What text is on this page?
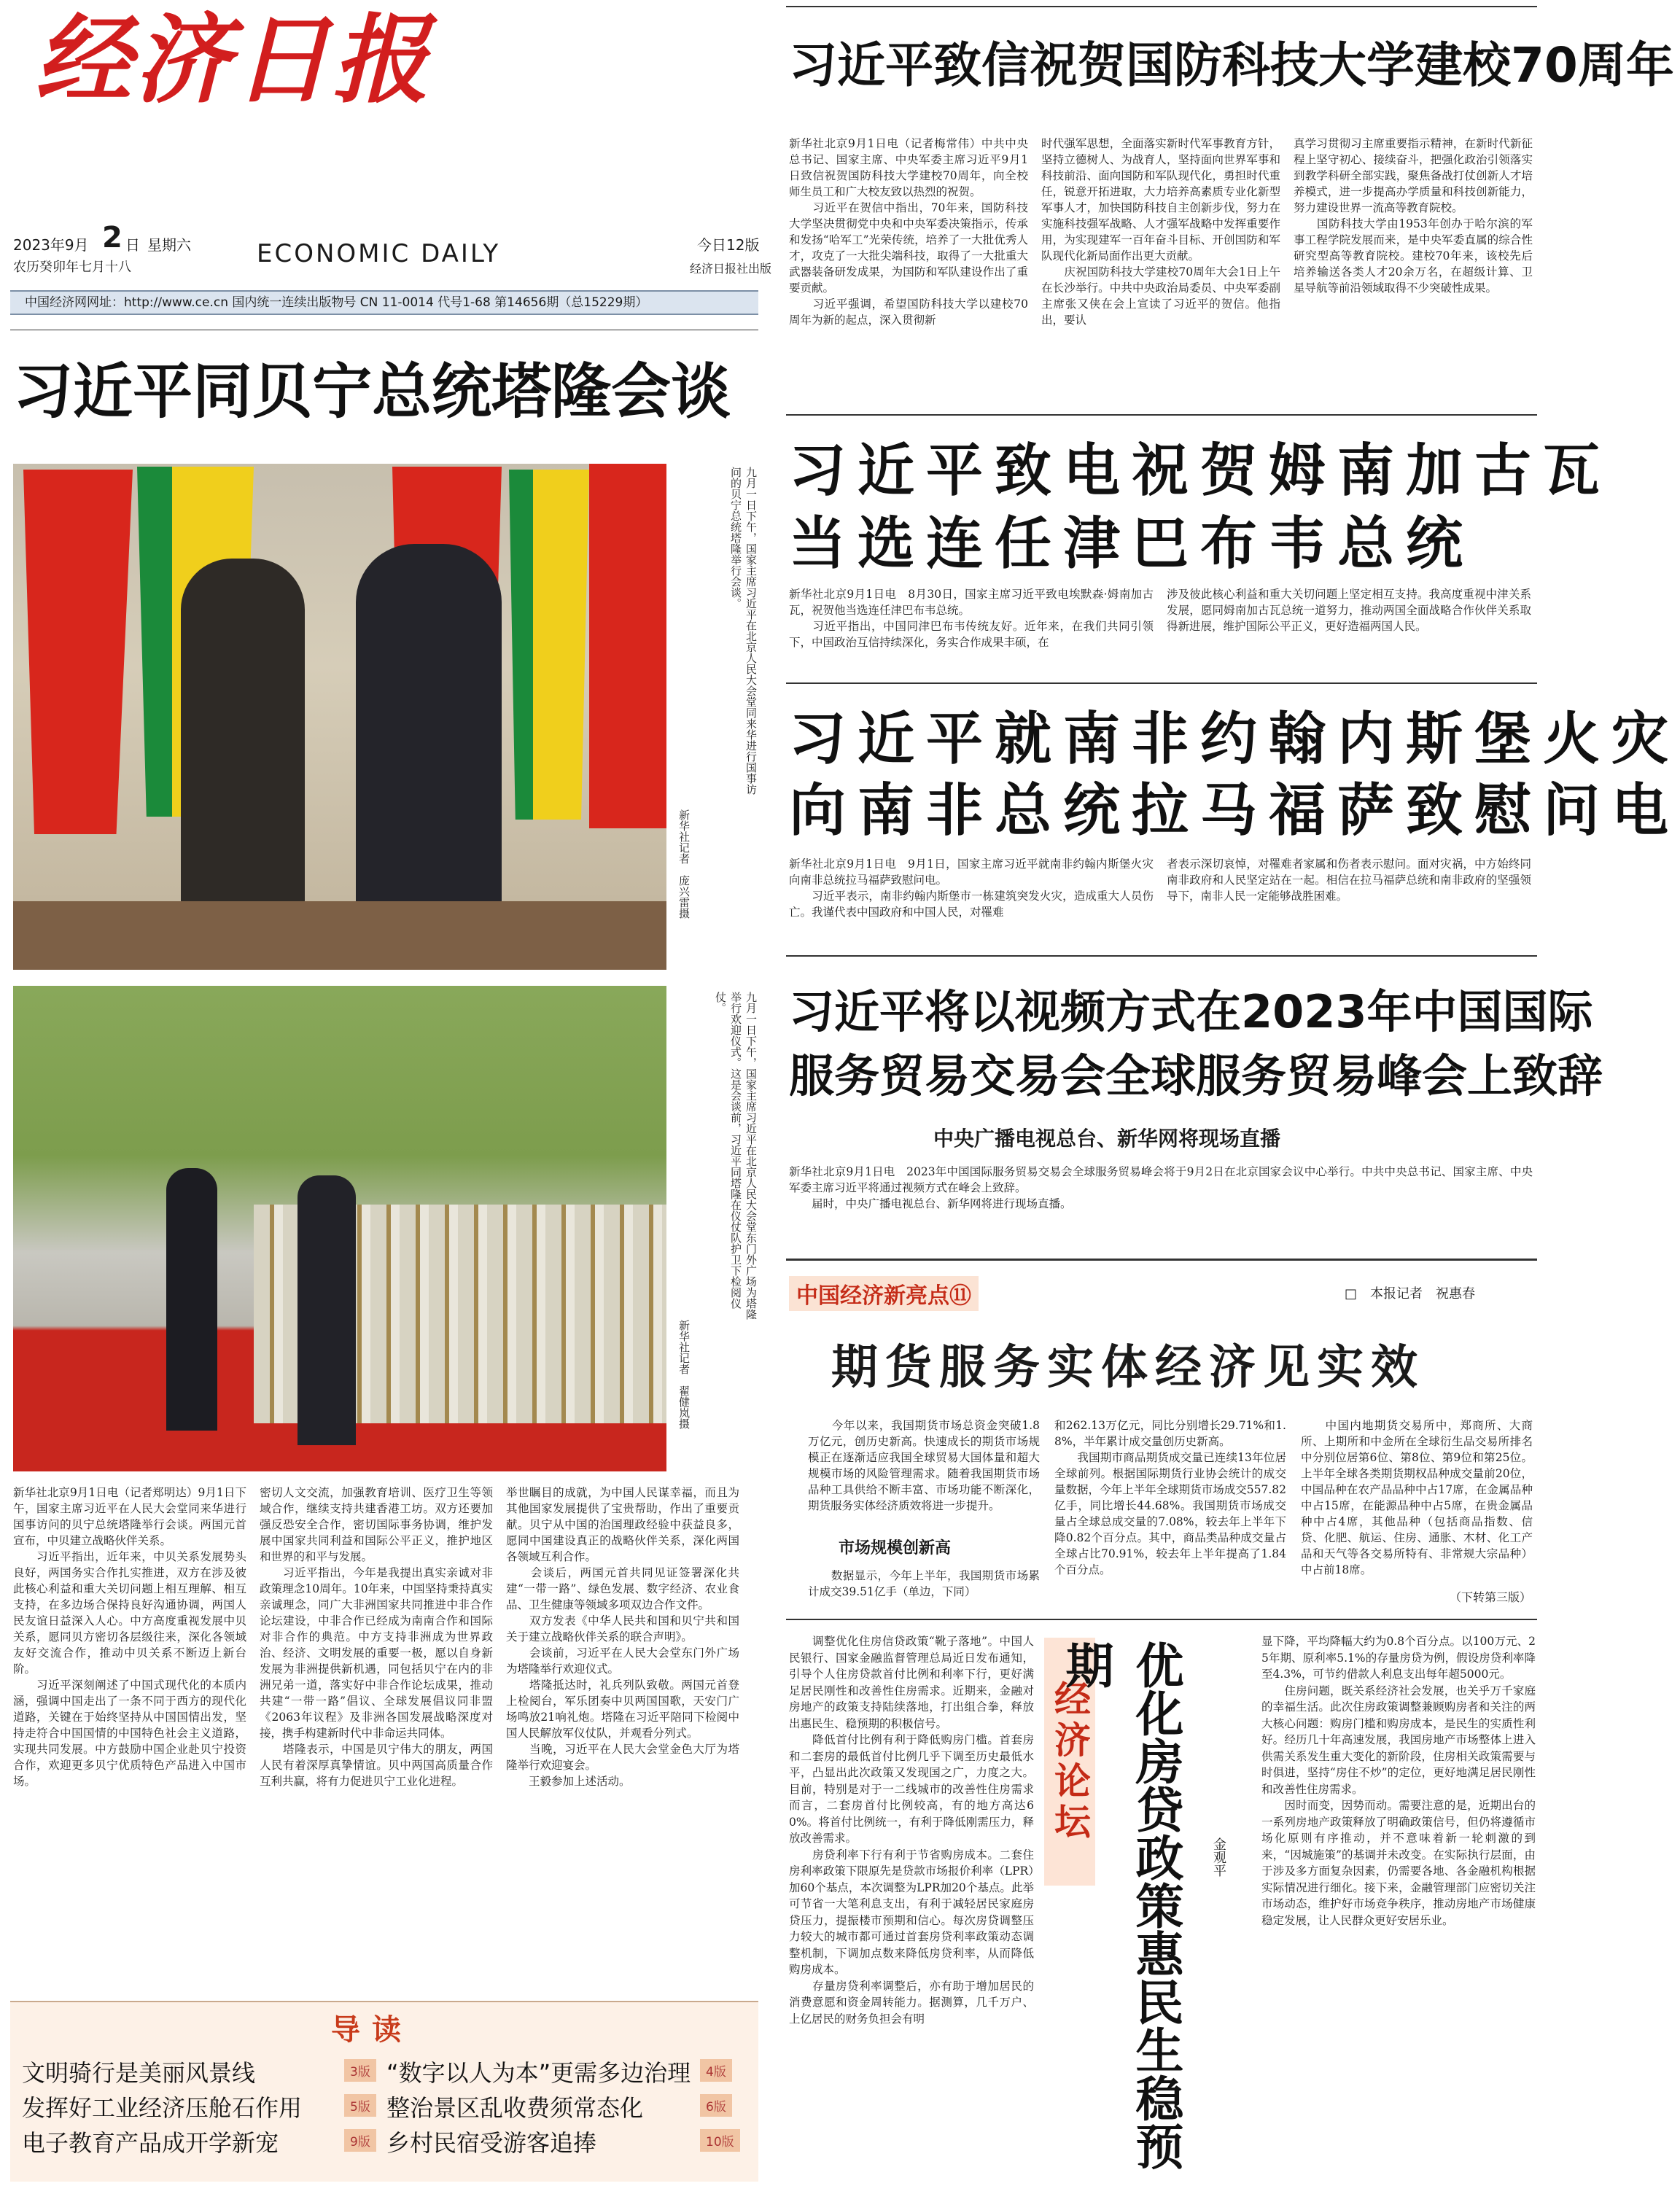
经济日报
2023年9月 2 日 星期六
农历癸卯年七月十八	ECONOMIC DAILY	今日12版
经济日报社出版
中国经济网网址：http://www.ce.cn 国内统一连续出版物号 CN 11-0014 代号1-68 第14656期（总15229期）
习近平致信祝贺国防科技大学建校70周年
新华社北京9月1日电（记者梅常伟）中共中央总书记、国家主席、中央军委主席习近平9月1日致信祝贺国防科技大学建校70周年，向全校师生员工和广大校友致以热烈的祝贺。
　　习近平在贺信中指出，70年来，国防科技大学坚决贯彻党中央和中央军委决策指示，传承和发扬“哈军工”光荣传统，培养了一大批优秀人才，攻克了一大批尖端科技，取得了一大批重大武器装备研发成果，为国防和军队建设作出了重要贡献。
　　习近平强调，希望国防科技大学以建校70周年为新的起点，深入贯彻新
时代强军思想，全面落实新时代军事教育方针，坚持立德树人、为战育人，坚持面向世界军事和科技前沿、面向国防和军队现代化，勇担时代重任，锐意开拓进取，大力培养高素质专业化新型军事人才，加快国防科技自主创新步伐，努力在实施科技强军战略、人才强军战略中发挥重要作用，为实现建军一百年奋斗目标、开创国防和军队现代化新局面作出更大贡献。
　　庆祝国防科技大学建校70周年大会1日上午在长沙举行。中共中央政治局委员、中央军委副主席张又侠在会上宣读了习近平的贺信。他指出，要认
真学习贯彻习主席重要指示精神，在新时代新征程上坚守初心、接续奋斗，把强化政治引领落实到教学科研全部实践，聚焦备战打仗创新人才培养模式，进一步提高办学质量和科技创新能力，努力建设世界一流高等教育院校。
　　国防科技大学由1953年创办于哈尔滨的军事工程学院发展而来，是中央军委直属的综合性研究型高等教育院校。建校70年来，该校先后培养输送各类人才20余万名，在超级计算、卫星导航等前沿领域取得不少突破性成果。
习近平致电祝贺姆南加古瓦
当选连任津巴布韦总统
新华社北京9月1日电　8月30日，国家主席习近平致电埃默森·姆南加古瓦，祝贺他当选连任津巴布韦总统。
　　习近平指出，中国同津巴布韦传统友好。近年来，在我们共同引领下，中国政治互信持续深化，务实合作成果丰硕，在
涉及彼此核心利益和重大关切问题上坚定相互支持。我高度重视中津关系发展，愿同姆南加古瓦总统一道努力，推动两国全面战略合作伙伴关系取得新进展，维护国际公平正义，更好造福两国人民。
习近平就南非约翰内斯堡火灾
向南非总统拉马福萨致慰问电
新华社北京9月1日电　9月1日，国家主席习近平就南非约翰内斯堡火灾向南非总统拉马福萨致慰问电。
　　习近平表示，南非约翰内斯堡市一栋建筑突发火灾，造成重大人员伤亡。我谨代表中国政府和中国人民，对罹难
者表示深切哀悼，对罹难者家属和伤者表示慰问。面对灾祸，中方始终同南非政府和人民坚定站在一起。相信在拉马福萨总统和南非政府的坚强领导下，南非人民一定能够战胜困难。
习近平将以视频方式在2023年中国国际
服务贸易交易会全球服务贸易峰会上致辞
中央广播电视总台、新华网将现场直播
新华社北京9月1日电　2023年中国国际服务贸易交易会全球服务贸易峰会将于9月2日在北京国家会议中心举行。中共中央总书记、国家主席、中央军委主席习近平将通过视频方式在峰会上致辞。
　　届时，中央广播电视总台、新华网将进行现场直播。
习近平同贝宁总统塔隆会谈
九月一日下午，国家主席习近平在北京人民大会堂同来华进行国事访问的贝宁总统塔隆举行会谈。
新华社记者　庞兴雷摄
九月一日下午，国家主席习近平在北京人民大会堂东门外广场为塔隆举行欢迎仪式。这是会谈前，习近平同塔隆在仪仗队护卫下检阅仪仗。
新华社记者　翟健岚摄
新华社北京9月1日电（记者郑明达）9月1日下午，国家主席习近平在人民大会堂同来华进行国事访问的贝宁总统塔隆举行会谈。两国元首宣布，中贝建立战略伙伴关系。
　　习近平指出，近年来，中贝关系发展势头良好，两国务实合作扎实推进，双方在涉及彼此核心利益和重大关切问题上相互理解、相互支持，在多边场合保持良好沟通协调，两国人民友谊日益深入人心。中方高度重视发展中贝关系，愿同贝方密切各层级往来，深化各领域友好交流合作，推动中贝关系不断迈上新台阶。
　　习近平深刻阐述了中国式现代化的本质内涵，强调中国走出了一条不同于西方的现代化道路，关键在于始终坚持从中国国情出发，坚持走符合中国国情的中国特色社会主义道路，实现共同发展。中方鼓励中国企业赴贝宁投资合作，欢迎更多贝宁优质特色产品进入中国市场。
密切人文交流，加强教育培训、医疗卫生等领域合作，继续支持共建香港工坊。双方还要加强反恐安全合作，密切国际事务协调，维护发展中国家共同利益和国际公平正义，推护地区和世界的和平与发展。
　　习近平指出，今年是我提出真实亲诚对非政策理念10周年。10年来，中国坚持秉持真实亲诚理念，同广大非洲国家共同推进中非合作论坛建设，中非合作已经成为南南合作和国际对非合作的典范。中方支持非洲成为世界政治、经济、文明发展的重要一极，愿以自身新发展为非洲提供新机遇，同包括贝宁在内的非洲兄弟一道，落实好中非合作论坛成果，推动共建“一带一路”倡议、全球发展倡议同非盟《2063年议程》及非洲各国发展战略深度对接，携手构建新时代中非命运共同体。
　　塔隆表示，中国是贝宁伟大的朋友，两国人民有着深厚真挚情谊。贝中两国高质量合作互利共赢，将有力促进贝宁工业化进程。
举世瞩目的成就，为中国人民谋幸福，而且为其他国家发展提供了宝贵帮助，作出了重要贡献。贝宁从中国的治国理政经验中获益良多，愿同中国建设真正的战略伙伴关系，深化两国各领域互利合作。
　　会谈后，两国元首共同见证签署深化共建“一带一路”、绿色发展、数字经济、农业食品、卫生健康等领域多项双边合作文件。
　　双方发表《中华人民共和国和贝宁共和国关于建立战略伙伴关系的联合声明》。
　　会谈前，习近平在人民大会堂东门外广场为塔隆举行欢迎仪式。
　　塔隆抵达时，礼兵列队致敬。两国元首登上检阅台，军乐团奏中贝两国国歌，天安门广场鸣放21响礼炮。塔隆在习近平陪同下检阅中国人民解放军仪仗队，并观看分列式。
　　当晚，习近平在人民大会堂金色大厅为塔隆举行欢迎宴会。
　　王毅参加上述活动。
导读
文明骑行是美丽风景线	3版 “数字以人为本”更需多边治理	4版
发挥好工业经济压舱石作用	5版 整治景区乱收费须常态化	6版
电子教育产品成开学新宠	9版 乡村民宿受游客追捧	10版
中国经济新亮点⑪	□　本报记者　祝惠春
期货服务实体经济见实效
　　今年以来，我国期货市场总资金突破1.8万亿元，创历史新高。快速成长的期货市场规模正在逐渐适应我国全球贸易大国体量和超大规模市场的风险管理需求。随着我国期货市场品种工具供给不断丰富、市场功能不断深化，期货服务实体经济质效将进一步提升。
市场规模创新高
　　数据显示，今年上半年，我国期货市场累计成交39.51亿手（单边，下同）
和262.13万亿元，同比分别增长29.71%和1.8%，半年累计成交量创历史新高。
　　我国期市商品期货成交量已连续13年位居全球前列。根据国际期货行业协会统计的成交量数据，今年上半年全球期货市场成交557.82亿手，同比增长44.68%。我国期货市场成交量占全球总成交量的7.08%，较去年上半年下降0.82个百分点。其中，商品类品种成交量占全球占比70.91%，较去年上半年提高了1.84个百分点。
　　中国内地期货交易所中，郑商所、大商所、上期所和中金所在全球衍生品交易所排名中分别位居第6位、第8位、第9位和第25位。上半年全球各类期货期权品种成交量前20位，中国品种在农产品品种中占17席，在金属品种中占15席，在能源品种中占5席，在贵金属品种中占4席，其他品种（包括商品指数、信贷、化肥、航运、住房、通胀、木材、化工产品和天气等各交易所特有、非常规大宗品种）中占前18席。
（下转第三版）
　　调整优化住房信贷政策“靴子落地”。中国人民银行、国家金融监督管理总局近日发布通知，引导个人住房贷款首付比例和利率下行，更好满足居民刚性和改善性住房需求。近期来，金融对房地产的政策支持陆续落地，打出组合拳，释放出惠民生、稳预期的积极信号。
　　降低首付比例有利于降低购房门槛。首套房和二套房的最低首付比例几乎下调至历史最低水平，凸显出此次政策又发现国之广，力度之大。目前，特别是对于一二线城市的改善性住房需求而言，二套房首付比例较高，有的地方高达60%。将首付比例统一，有利于降低刚需压力，释放改善需求。
　　房贷利率下行有利于节省购房成本。二套住房利率政策下限原先是贷款市场报价利率（LPR）加60个基点，本次调整为LPR加20个基点。此举可节省一大笔利息支出，有利于减轻居民家庭房贷压力，提振楼市预期和信心。每次房贷调整压力较大的城市都可通过首套房贷利率政策动态调整机制，下调加点数来降低房贷利率，从而降低购房成本。
　　存量房贷利率调整后，亦有助于增加居民的消费意愿和资金周转能力。据测算，几千万户、上亿居民的财务负担会有明
经济论坛 优化房贷政策惠民生稳预期
金观平
显下降，平均降幅大约为0.8个百分点。以100万元、25年期、原利率5.1%的存量房贷为例，假设房贷利率降至4.3%，可节约借款人利息支出每年超5000元。
　　住房问题，既关系经济社会发展，也关乎万千家庭的幸福生活。此次住房政策调整兼顾购房者和关注的两大核心问题：购房门槛和购房成本，是民生的实质性利好。经历几十年高速发展，我国房地产市场整体上进入供需关系发生重大变化的新阶段，住房相关政策需要与时俱进，坚持“房住不炒”的定位，更好地满足居民刚性和改善性住房需求。
　　因时而变，因势而动。需要注意的是，近期出台的一系列房地产政策释放了明确政策信号，但仍将遵循市场化原则有序推动，并不意味着新一轮刺激的到来，“因城施策”的基调并未改变。在实际执行层面，由于涉及多方面复杂因素，仍需要各地、各金融机构根据实际情况进行细化。接下来，金融管理部门应密切关注市场动态，维护好市场竞争秩序，推动房地产市场健康稳定发展，让人民群众更好安居乐业。
